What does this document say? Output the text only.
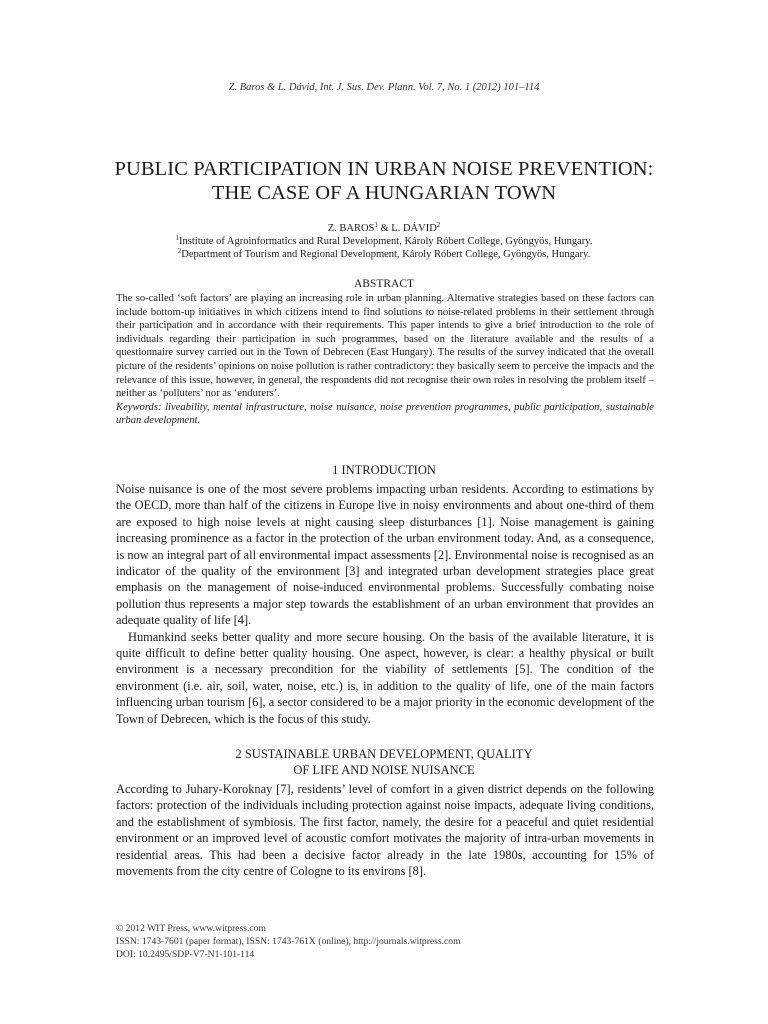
Z. Baros & L. Dávid, Int. J. Sus. Dev. Plann. Vol. 7, No. 1 (2012) 101–114
PUBLIC PARTICIPATION IN URBAN NOISE PREVENTION:
THE CASE OF A HUNGARIAN TOWN
Z. BAROS$^1$ & L. DÁVID$^2$
$^1$Institute of Agroinformatics and Rural Development, Károly Róbert College, Gyöngyös, Hungary.
$^2$Department of Tourism and Regional Development, Károly Róbert College, Gyöngyös, Hungary.
ABSTRACT

The so-called ‘soft factors’ are playing an increasing role in urban planning. Alternative strategies based on these factors can include bottom-up initiatives in which citizens intend to find solutions to noise-related problems in their settlement through their participation and in accordance with their requirements. This paper intends to give a brief introduction to the role of individuals regarding their participation in such programmes, based on the literature available and the results of a questionnaire survey carried out in the Town of Debrecen (East Hungary). The results of the survey indicated that the overall picture of the residents’ opinions on noise pollution is rather contradictory: they basically seem to perceive the impacts and the relevance of this issue, however, in general, the respondents did not recognise their own roles in resolving the problem itself – neither as ‘polluters’ nor as ‘endurers’.

Keywords: liveability, mental infrastructure, noise nuisance, noise prevention programmes, public participation, sustainable urban development.

1 INTRODUCTION

Noise nuisance is one of the most severe problems impacting urban residents. According to estimations by the OECD, more than half of the citizens in Europe live in noisy environments and about one-third of them are exposed to high noise levels at night causing sleep disturbances [1]. Noise management is gaining increasing prominence as a factor in the protection of the urban environment today. And, as a consequence, is now an integral part of all environmental impact assessments [2]. Environmental noise is recognised as an indicator of the quality of the environment [3] and integrated urban development strategies place great emphasis on the management of noise-induced environmental problems. Successfully combating noise pollution thus represents a major step towards the establishment of an urban environment that provides an adequate quality of life [4].

Humankind seeks better quality and more secure housing. On the basis of the available literature, it is quite difficult to define better quality housing. One aspect, however, is clear: a healthy physical or built environment is a necessary precondition for the viability of settlements [5]. The condition of the environment (i.e. air, soil, water, noise, etc.) is, in addition to the quality of life, one of the main factors influencing urban tourism [6], a sector considered to be a major priority in the economic development of the Town of Debrecen, which is the focus of this study.

2 SUSTAINABLE URBAN DEVELOPMENT, QUALITY
OF LIFE AND NOISE NUISANCE

According to Juhary-Koroknay [7], residents’ level of comfort in a given district depends on the following factors: protection of the individuals including protection against noise impacts, adequate living conditions, and the establishment of symbiosis. The first factor, namely, the desire for a peaceful and quiet residential environment or an improved level of acoustic comfort motivates the majority of intra-urban movements in residential areas. This had been a decisive factor already in the late 1980s, accounting for 15% of movements from the city centre of Cologne to its environs [8].

© 2012 WIT Press, www.witpress.com
ISSN: 1743-7601 (paper format), ISSN: 1743-761X (online), http://journals.witpress.com
DOI: 10.2495/SDP-V7-N1-101-114
